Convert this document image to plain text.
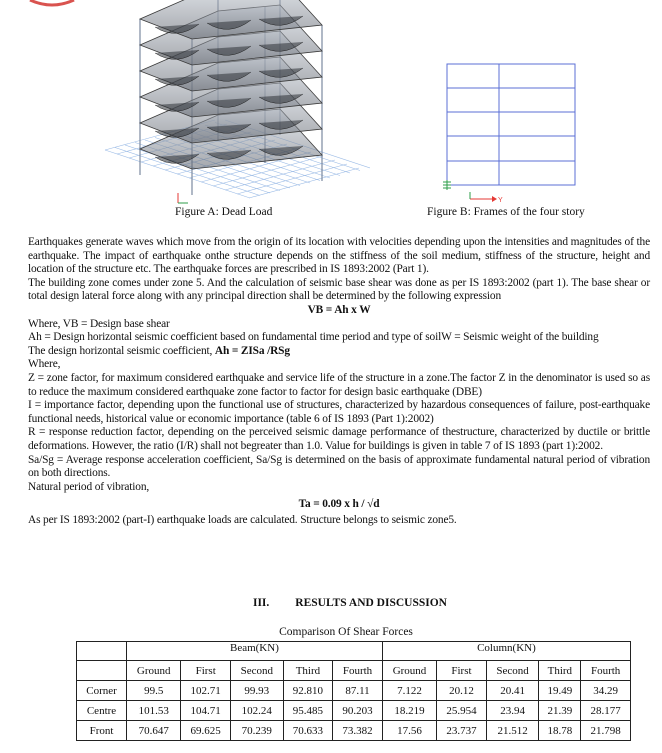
Y
Figure A: Dead Load	Figure B: Frames of the four story

Earthquakes generate waves which move from the origin of its location with velocities depending upon the intensities and magnitudes of the earthquake. The impact of earthquake onthe structure depends on the stiffness of the soil medium, stiffness of the structure, height and location of the structure etc. The earthquake forces are prescribed in IS 1893:2002 (Part 1).

The building zone comes under zone 5. And the calculation of seismic base shear was done as per IS 1893:2002 (part 1). The base shear or total design lateral force along with any principal direction shall be determined by the following expression

VB = Ah x W

Where, VB = Design base shear

Ah = Design horizontal seismic coefficient based on fundamental time period and type of soilW = Seismic weight of the building

The design horizontal seismic coefficient, Ah = ZISa /RSg

Where,

Z = zone factor, for maximum considered earthquake and service life of the structure in a zone.The factor Z in the denominator is used so as to reduce the maximum considered earthquake zone factor to factor for design basic earthquake (DBE)

I = importance factor, depending upon the functional use of structures, characterized by hazardous consequences of failure, post-earthquake functional needs, historical value or economic importance (table 6 of IS 1893 (Part 1):2002)

R = response reduction factor, depending on the perceived seismic damage performance of thestructure, characterized by ductile or brittle deformations. However, the ratio (I/R) shall not begreater than 1.0. Value for buildings is given in table 7 of IS 1893 (part 1):2002.

Sa/Sg = Average response acceleration coefficient, Sa/Sg is determined on the basis of approximate fundamental natural period of vibration on both directions.

Natural period of vibration,

Ta = 0.09 x h / √d

As per IS 1893:2002 (part-I) earthquake loads are calculated. Structure belongs to seismic zone5.

III. RESULTS AND DISCUSSION
Comparison Of Shear Forces
	Beam(KN)					Column(KN)				
	Ground	First	Second	Third	Fourth	Ground	First	Second	Third	Fourth
Corner	99.5	102.71	99.93	92.810	87.11	7.122	20.12	20.41	19.49	34.29
Centre	101.53	104.71	102.24	95.485	90.203	18.219	25.954	23.94	21.39	28.177
Front	70.647	69.625	70.239	70.633	73.382	17.56	23.737	21.512	18.78	21.798
